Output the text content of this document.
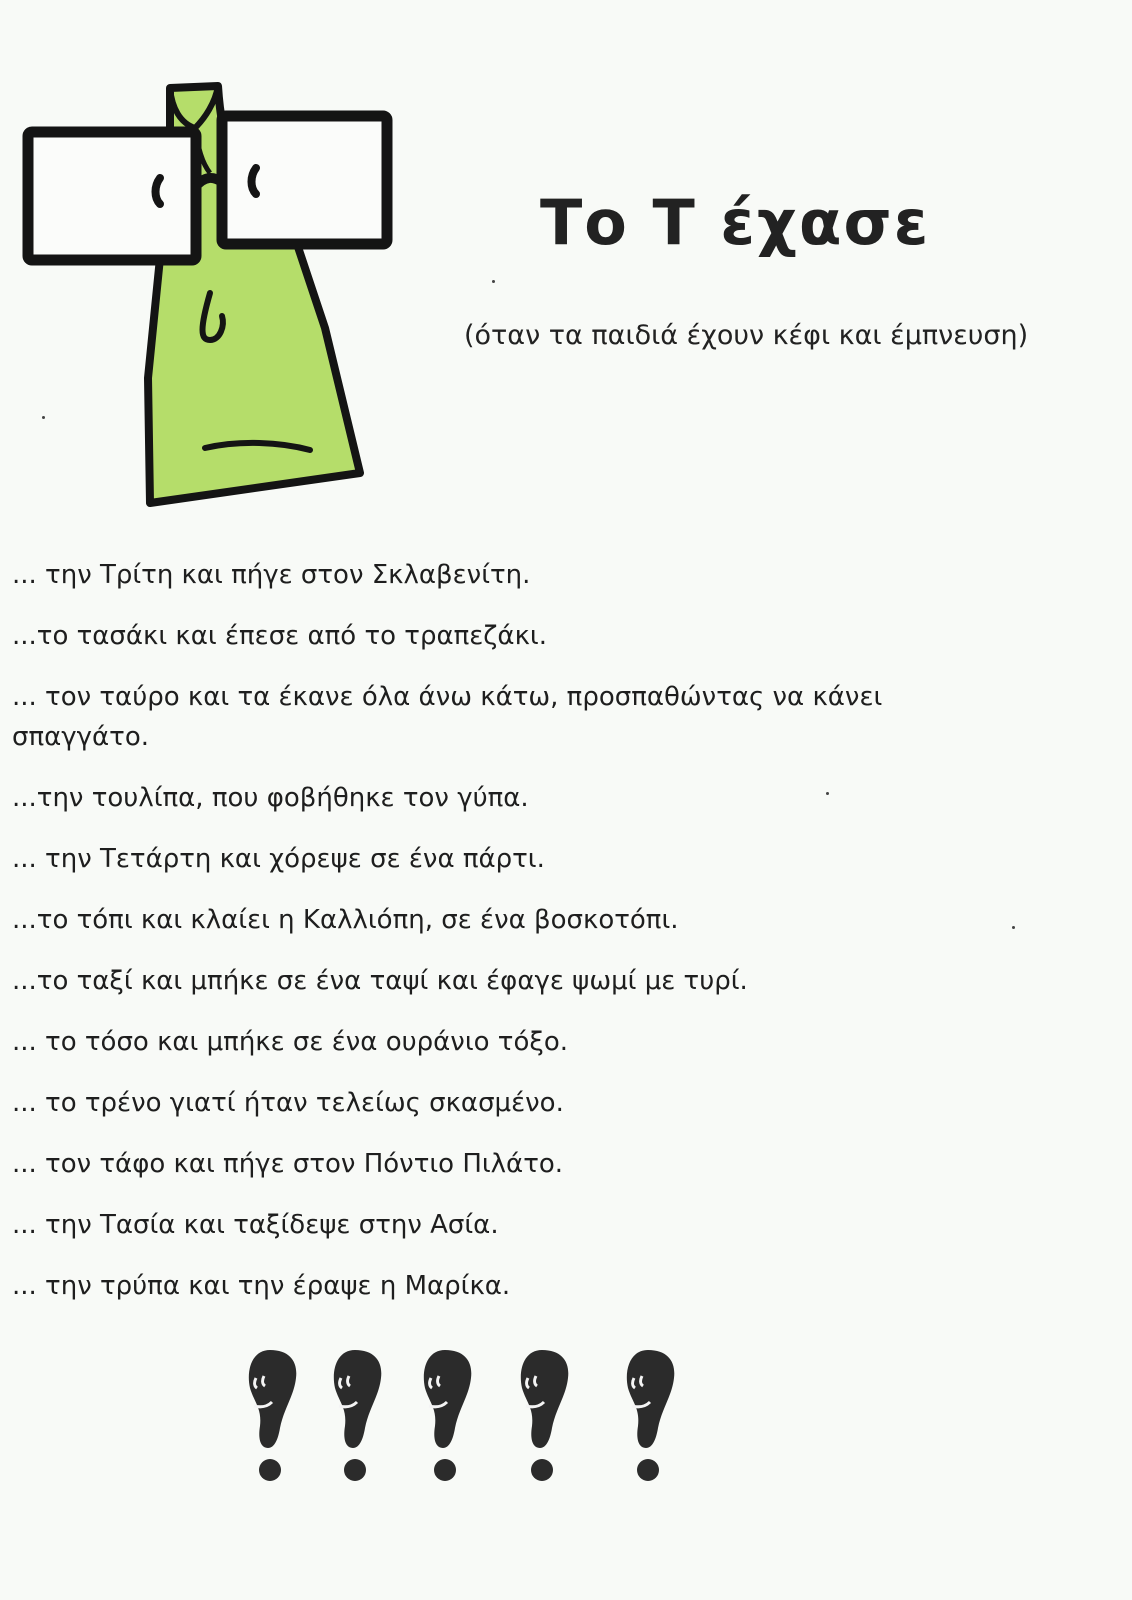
Το Τ έχασε
(όταν τα παιδιά έχουν κέφι και έμπνευση)
... την Τρίτη και πήγε στον Σκλαβενίτη.
...το τασάκι και έπεσε από το τραπεζάκι.
... τον ταύρο και τα έκανε όλα άνω κάτω, προσπαθώντας να κάνει σπαγγάτο.
...την τουλίπα, που φοβήθηκε τον γύπα.
... την Τετάρτη και χόρεψε σε ένα πάρτι.
...το τόπι και κλαίει η Καλλιόπη, σε ένα βοσκοτόπι.
...το ταξί και μπήκε σε ένα ταψί και έφαγε ψωμί με τυρί.
... το τόσο και μπήκε σε ένα ουράνιο τόξο.
... το τρένο γιατί ήταν τελείως σκασμένο.
... τον τάφο και πήγε στον Πόντιο Πιλάτο.
... την Τασία και ταξίδεψε στην Ασία.
... την τρύπα και την έραψε η Μαρίκα.
